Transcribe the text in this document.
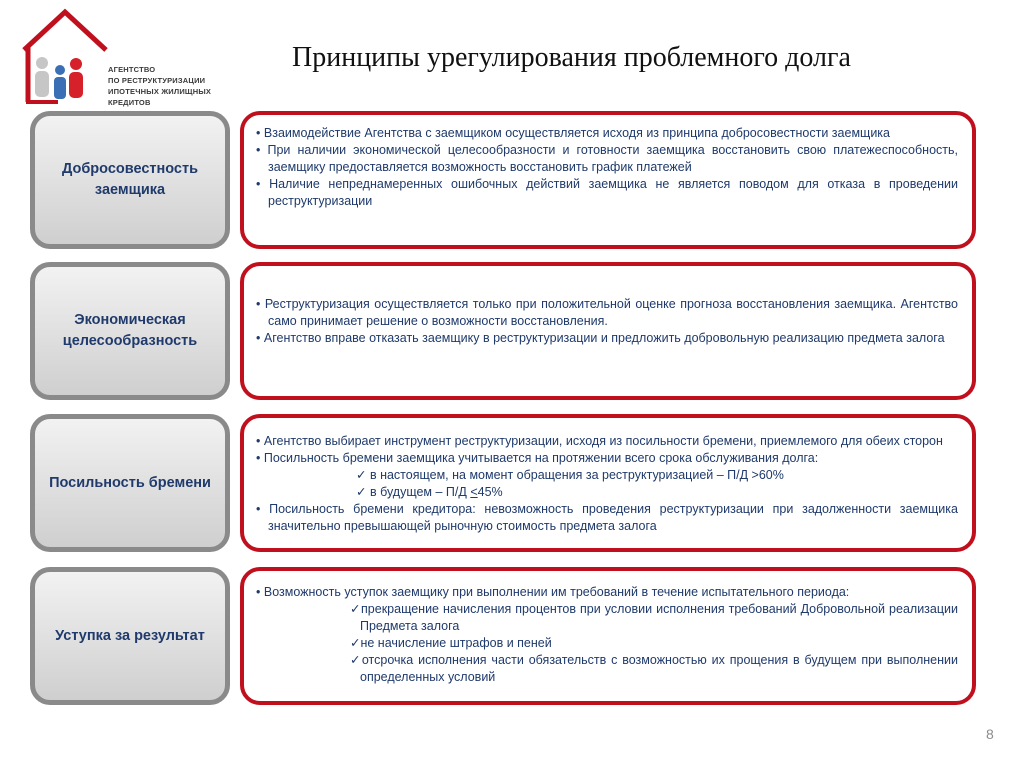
АГЕНТСТВО
ПО РЕСТРУКТУРИЗАЦИИ
ИПОТЕЧНЫХ ЖИЛИЩНЫХ
КРЕДИТОВ
Принципы урегулирования проблемного долга
Добросовестность заемщика

• Взаимодействие Агентства с заемщиком осуществляется исходя из принципа добросовестности заемщика

• При наличии экономической целесообразности и готовности заемщика восстановить свою платежеспособность, заемщику предоставляется возможность восстановить график платежей

• Наличие непреднамеренных ошибочных действий заемщика не является поводом для отказа в проведении реструктуризации

Экономическая целесообразность

• Реструктуризация осуществляется только при положительной оценке прогноза восстановления заемщика. Агентство само принимает решение о возможности восстановления.

• Агентство вправе отказать заемщику в реструктуризации и предложить добровольную реализацию предмета залога

Посильность бремени

• Агентство выбирает инструмент реструктуризации, исходя из посильности бремени, приемлемого для обеих сторон

• Посильность бремени заемщика учитывается на протяжении всего срока обслуживания долга:

✓ в настоящем, на момент обращения за реструктуризацией – П/Д >60%

✓ в будущем – П/Д <45%

• Посильность бремени кредитора: невозможность проведения реструктуризации при задолженности заемщика значительно превышающей рыночную стоимость предмета залога

Уступка за результат

• Возможность уступок заемщику при выполнении им требований в течение испытательного периода:

✓прекращение начисления процентов при условии исполнения требований Добровольной реализации Предмета залога

✓не начисление штрафов и пеней

✓отсрочка исполнения части обязательств с возможностью их прощения в будущем при выполнении определенных условий

8
